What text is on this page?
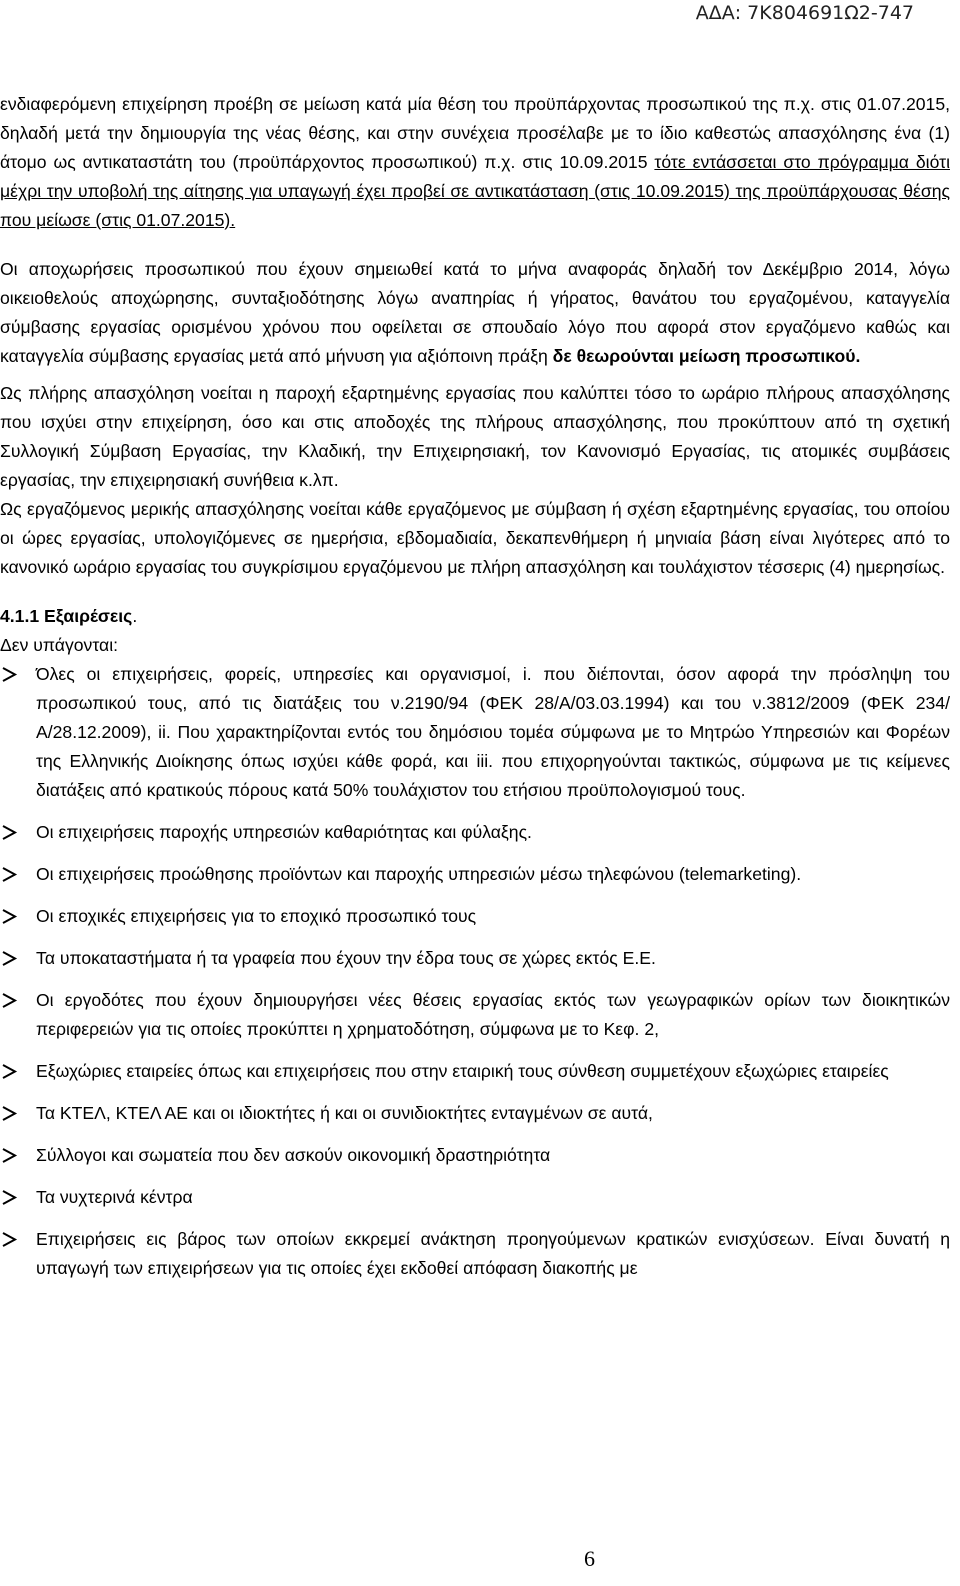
ΑΔΑ: 7Κ804691Ω2-747

ενδιαφερόμενη επιχείρηση προέβη σε μείωση κατά μία θέση του προϋπάρχοντας προσωπικού της π.χ. στις 01.07.2015, δηλαδή μετά την δημιουργία της νέας θέσης, και στην συνέχεια προσέλαβε με το ίδιο καθεστώς απασχόλησης ένα (1) άτομο ως αντικαταστάτη του (προϋπάρχοντος προσωπικού) π.χ. στις 10.09.2015 τότε εντάσσεται στο πρόγραμμα διότι μέχρι την υποβολή της αίτησης για υπαγωγή έχει προβεί σε αντικατάσταση (στις 10.09.2015) της προϋπάρχουσας θέσης που μείωσε (στις 01.07.2015).

Οι αποχωρήσεις προσωπικού που έχουν σημειωθεί κατά το μήνα αναφοράς δηλαδή τον Δεκέμβριο 2014, λόγω οικειοθελούς αποχώρησης, συνταξιοδότησης λόγω αναπηρίας ή γήρατος, θανάτου του εργαζομένου, καταγγελία σύμβασης εργασίας ορισμένου χρόνου που οφείλεται σε σπουδαίο λόγο που αφορά στον εργαζόμενο καθώς και καταγγελία σύμβασης εργασίας μετά από μήνυση για αξιόποινη πράξη δε θεωρούνται μείωση προσωπικού.

Ως πλήρης απασχόληση νοείται η παροχή εξαρτημένης εργασίας που καλύπτει τόσο το ωράριο πλήρους απασχόλησης που ισχύει στην επιχείρηση, όσο και στις αποδοχές της πλήρους απασχόλησης, που προκύπτουν από τη σχετική Συλλογική Σύμβαση Εργασίας, την Κλαδική, την Επιχειρησιακή, τον Κανονισμό Εργασίας, τις ατομικές συμβάσεις εργασίας, την επιχειρησιακή συνήθεια κ.λπ.

Ως εργαζόμενος μερικής απασχόλησης νοείται κάθε εργαζόμενος με σύμβαση ή σχέση εξαρτημένης εργασίας, του οποίου οι ώρες εργασίας, υπολογιζόμενες σε ημερήσια, εβδομαδιαία, δεκαπενθήμερη ή μηνιαία βάση είναι λιγότερες από το κανονικό ωράριο εργασίας του συγκρίσιμου εργαζόμενου με πλήρη απασχόληση και τουλάχιστον τέσσερις (4) ημερησίως.

4.1.1 Εξαιρέσεις.

Δεν υπάγονται:

Όλες οι επιχειρήσεις, φορείς, υπηρεσίες και οργανισμοί, i. που διέπονται, όσον αφορά την πρόσληψη του προσωπικού τους, από τις διατάξεις του ν.2190/94 (ΦΕΚ 28/Α/03.03.1994) και του ν.3812/2009 (ΦΕΚ 234/Α/28.12.2009), ii. Που χαρακτηρίζονται εντός του δημόσιου τομέα σύμφωνα με το Μητρώο Υπηρεσιών και Φορέων της Ελληνικής Διοίκησης όπως ισχύει κάθε φορά, και iii. που επιχορηγούνται τακτικώς, σύμφωνα με τις κείμενες διατάξεις από κρατικούς πόρους κατά 50% τουλάχιστον του ετήσιου προϋπολογισμού τους.
Οι επιχειρήσεις παροχής υπηρεσιών καθαριότητας και φύλαξης.
Οι επιχειρήσεις προώθησης προϊόντων και παροχής υπηρεσιών μέσω τηλεφώνου (telemarketing).
Οι εποχικές επιχειρήσεις για το εποχικό προσωπικό τους
Τα υποκαταστήματα ή τα γραφεία που έχουν την έδρα τους σε χώρες εκτός Ε.Ε.
Οι εργοδότες που έχουν δημιουργήσει νέες θέσεις εργασίας εκτός των γεωγραφικών ορίων των διοικητικών περιφερειών για τις οποίες προκύπτει η χρηματοδότηση, σύμφωνα με το Κεφ. 2,
Εξωχώριες εταιρείες όπως και επιχειρήσεις που στην εταιρική τους σύνθεση συμμετέχουν εξωχώριες εταιρείες
Τα ΚΤΕΛ, ΚΤΕΛ ΑΕ και οι ιδιοκτήτες ή και οι συνιδιοκτήτες ενταγμένων σε αυτά,
Σύλλογοι και σωματεία που δεν ασκούν οικονομική δραστηριότητα
Τα νυχτερινά κέντρα
Επιχειρήσεις εις βάρος των οποίων εκκρεμεί ανάκτηση προηγούμενων κρατικών ενισχύσεων. Είναι δυνατή η υπαγωγή των επιχειρήσεων για τις οποίες έχει εκδοθεί απόφαση διακοπής με
6
